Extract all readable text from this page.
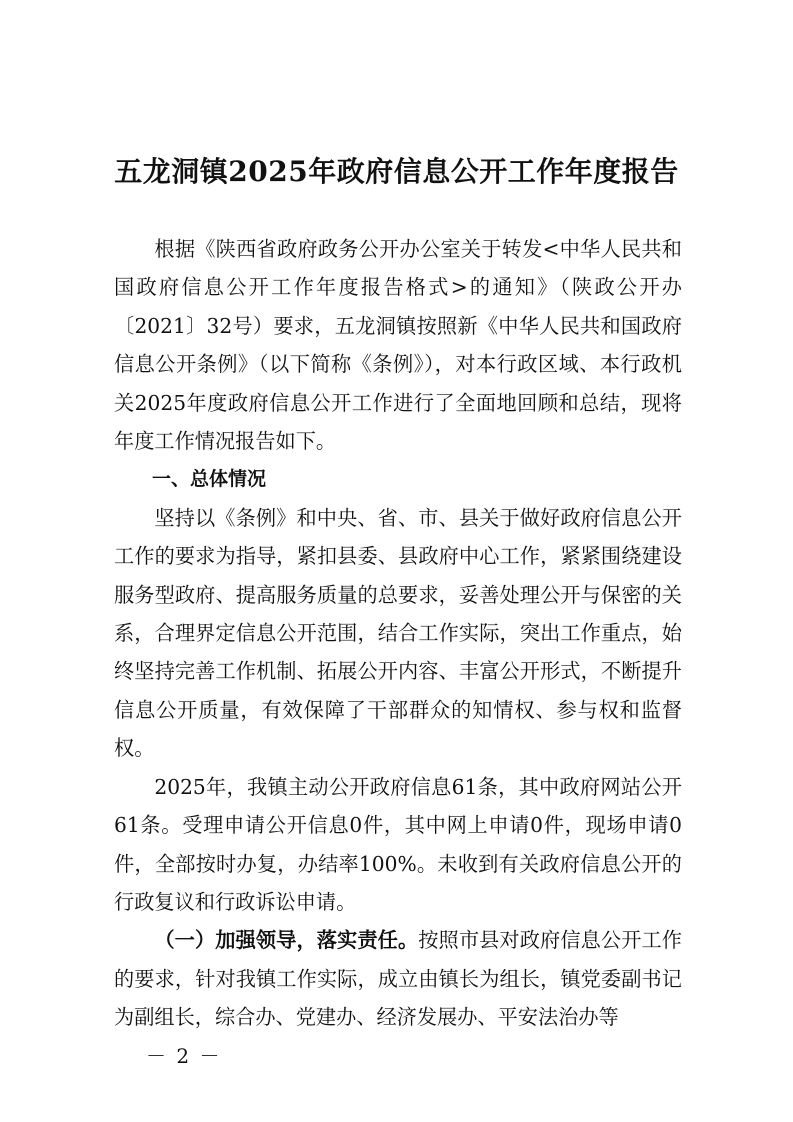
五龙洞镇2025年政府信息公开工作年度报告

根据《陕西省政府政务公开办公室关于转发<中华人民共和国政府信息公开工作年度报告格式>的通知》（陕政公开办〔2021〕32号）要求，五龙洞镇按照新《中华人民共和国政府信息公开条例》（以下简称《条例》），对本行政区域、本行政机关2025年度政府信息公开工作进行了全面地回顾和总结，现将年度工作情况报告如下。

一、总体情况

坚持以《条例》和中央、省、市、县关于做好政府信息公开工作的要求为指导，紧扣县委、县政府中心工作，紧紧围绕建设服务型政府、提高服务质量的总要求，妥善处理公开与保密的关系，合理界定信息公开范围，结合工作实际，突出工作重点，始终坚持完善工作机制、拓展公开内容、丰富公开形式，不断提升信息公开质量，有效保障了干部群众的知情权、参与权和监督权。

2025年，我镇主动公开政府信息61条，其中政府网站公开61条。受理申请公开信息0件，其中网上申请0件，现场申请0件，全部按时办复，办结率100%。未收到有关政府信息公开的行政复议和行政诉讼申请。

（一）加强领导，落实责任。按照市县对政府信息公开工作的要求，针对我镇工作实际，成立由镇长为组长，镇党委副书记为副组长，综合办、党建办、经济发展办、平安法治办等

－ 2 －
